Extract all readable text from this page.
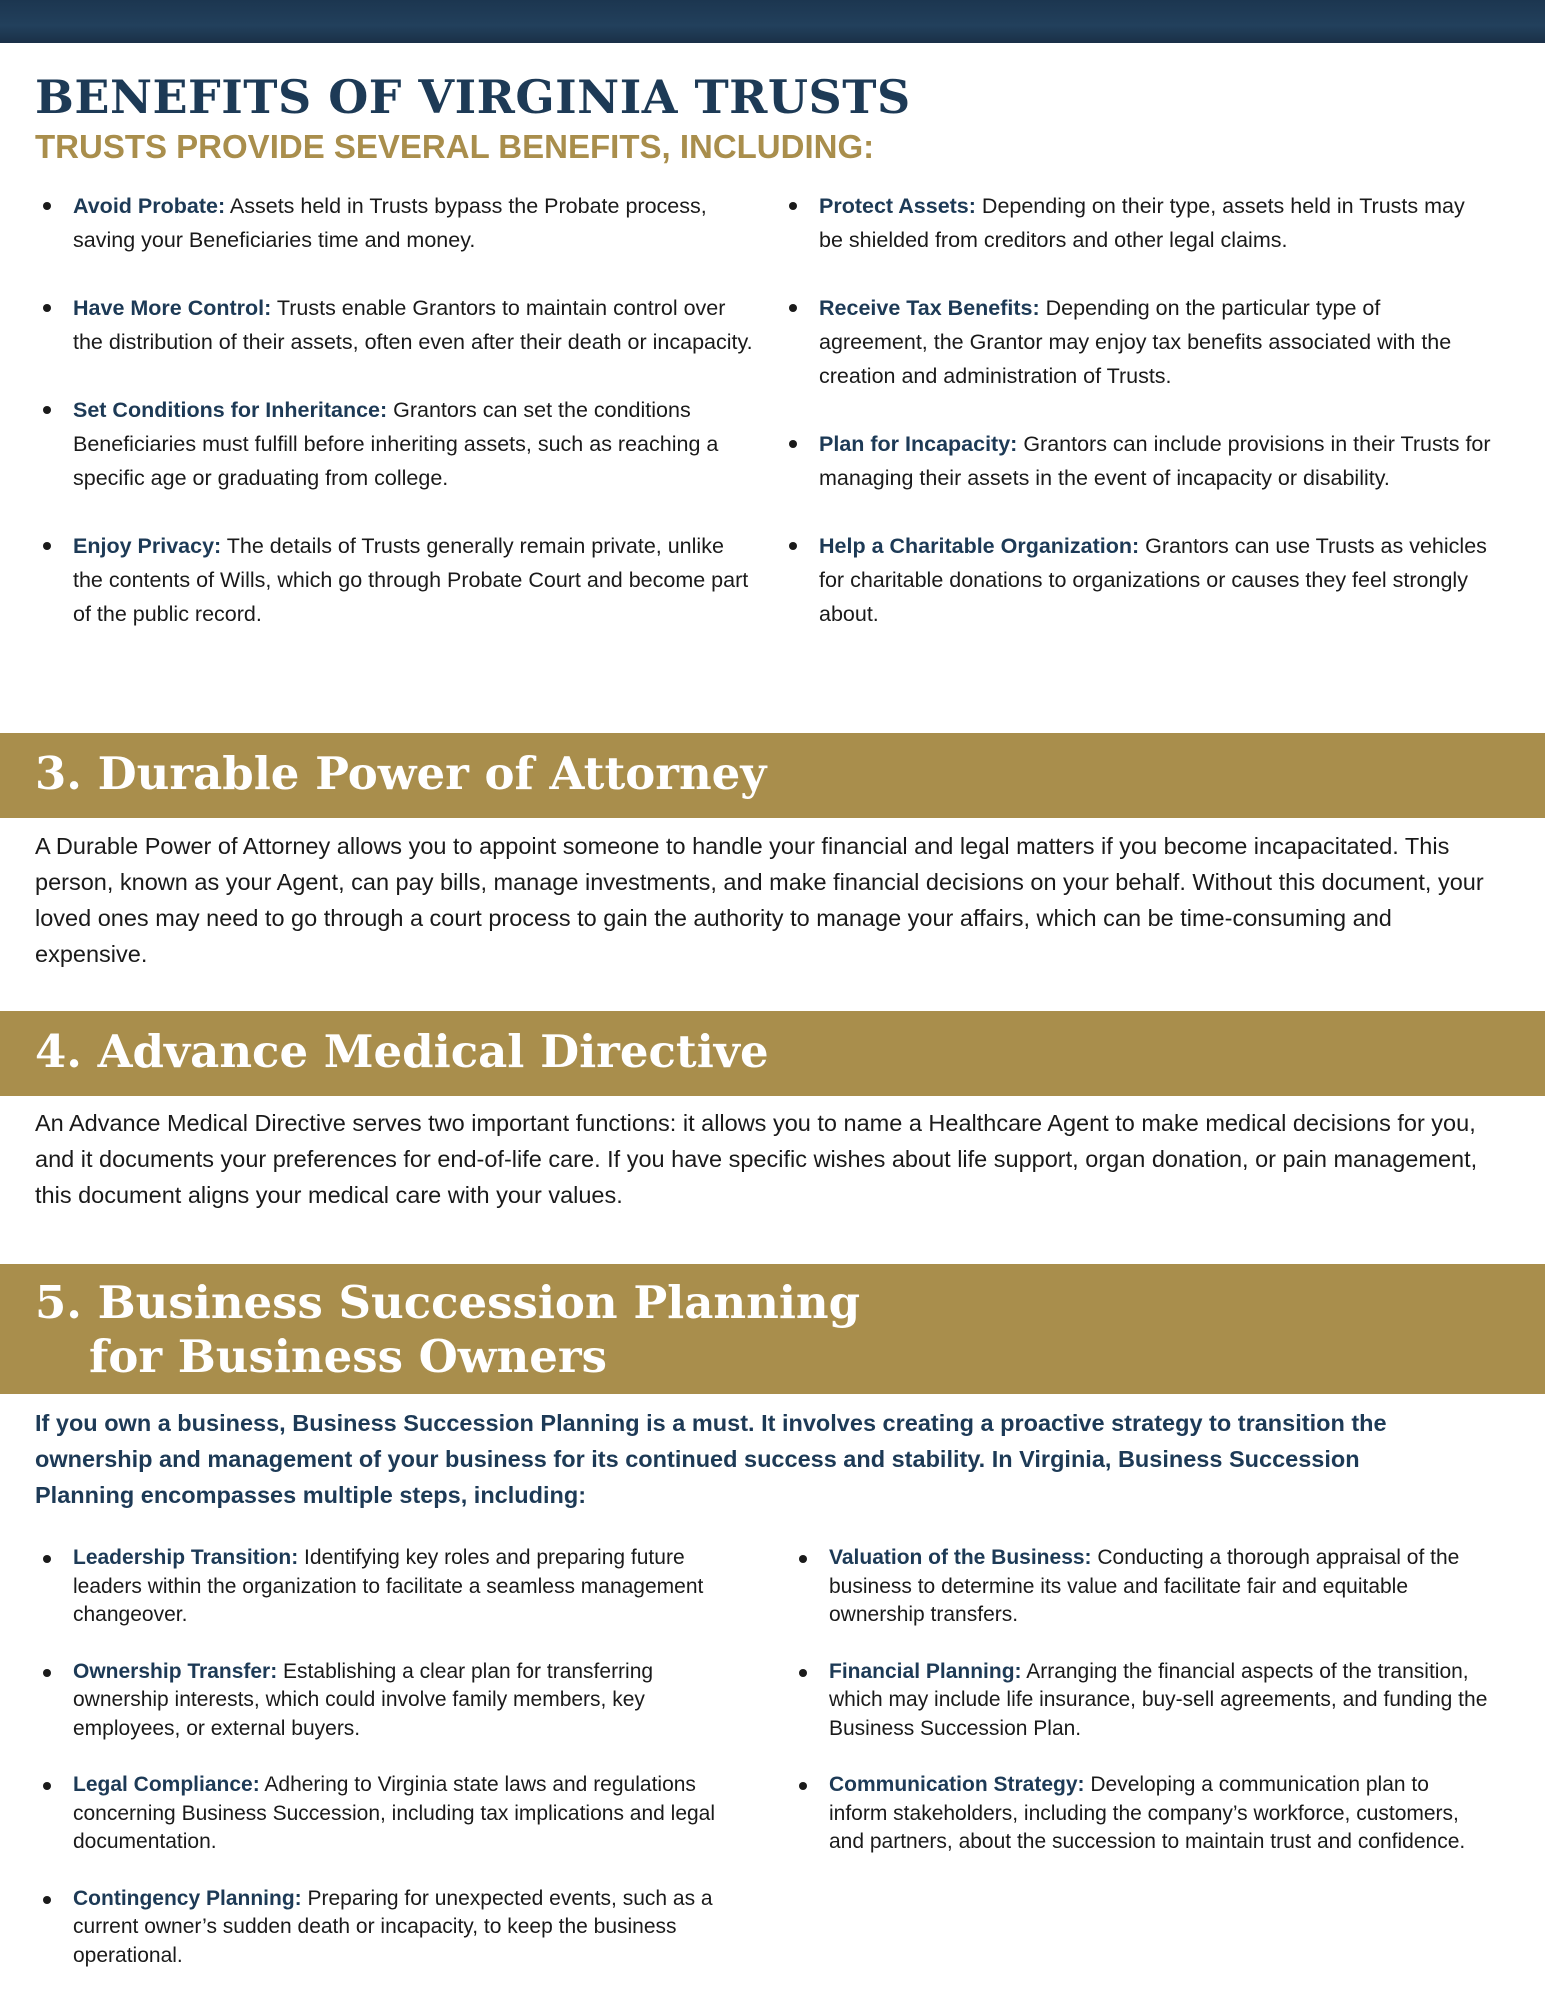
BENEFITS OF VIRGINIA TRUSTS
TRUSTS PROVIDE SEVERAL BENEFITS, INCLUDING:
Avoid Probate: Assets held in Trusts bypass the Probate process, saving your Beneficiaries time and money.
Have More Control: Trusts enable Grantors to maintain control over the distribution of their assets, often even after their death or incapacity.
Set Conditions for Inheritance: Grantors can set the conditions Beneficiaries must fulfill before inheriting assets, such as reaching a specific age or graduating from college.
Enjoy Privacy: The details of Trusts generally remain private, unlike the contents of Wills, which go through Probate Court and become part of the public record.
Protect Assets: Depending on their type, assets held in Trusts may be shielded from creditors and other legal claims.
Receive Tax Benefits: Depending on the particular type of agreement, the Grantor may enjoy tax benefits associated with the creation and administration of Trusts.
Plan for Incapacity: Grantors can include provisions in their Trusts for managing their assets in the event of incapacity or disability.
Help a Charitable Organization: Grantors can use Trusts as vehicles for charitable donations to organizations or causes they feel strongly about.
3. Durable Power of Attorney

A Durable Power of Attorney allows you to appoint someone to handle your financial and legal matters if you become incapacitated. This person, known as your Agent, can pay bills, manage investments, and make financial decisions on your behalf. Without this document, your loved ones may need to go through a court process to gain the authority to manage your affairs, which can be time-consuming and expensive.

4. Advance Medical Directive

An Advance Medical Directive serves two important functions: it allows you to name a Healthcare Agent to make medical decisions for you, and it documents your preferences for end-of-life care. If you have specific wishes about life support, organ donation, or pain management, this document aligns your medical care with your values.

5. Business Succession Planning
for Business Owners

If you own a business, Business Succession Planning is a must. It involves creating a proactive strategy to transition the ownership and management of your business for its continued success and stability. In Virginia, Business Succession Planning encompasses multiple steps, including:

Leadership Transition: Identifying key roles and preparing future leaders within the organization to facilitate a seamless management changeover.
Ownership Transfer: Establishing a clear plan for transferring ownership interests, which could involve family members, key employees, or external buyers.
Legal Compliance: Adhering to Virginia state laws and regulations concerning Business Succession, including tax implications and legal documentation.
Contingency Planning: Preparing for unexpected events, such as a current owner’s sudden death or incapacity, to keep the business operational.
Valuation of the Business: Conducting a thorough appraisal of the business to determine its value and facilitate fair and equitable ownership transfers.
Financial Planning: Arranging the financial aspects of the transition, which may include life insurance, buy-sell agreements, and funding the Business Succession Plan.
Communication Strategy: Developing a communication plan to inform stakeholders, including the company’s workforce, customers, and partners, about the succession to maintain trust and confidence.
